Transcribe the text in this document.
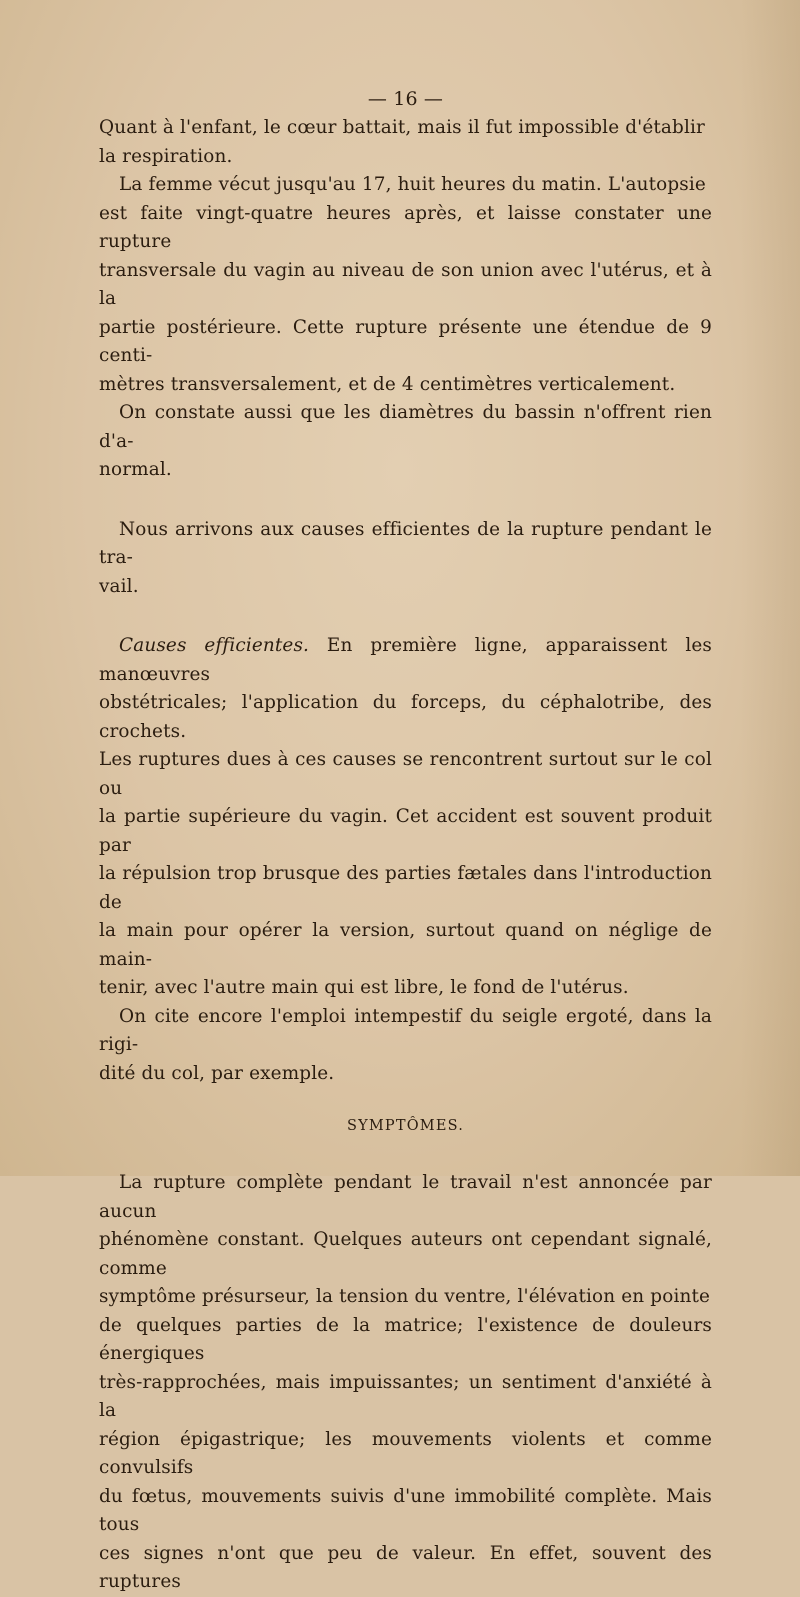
— 16 —

Quant à l'enfant, le cœur battait, mais il fut impossible d'établir
la respiration.

La femme vécut jusqu'au 17, huit heures du matin. L'autopsie
est faite vingt-quatre heures après, et laisse constater une rupture
transversale du vagin au niveau de son union avec l'utérus, et à la
partie postérieure. Cette rupture présente une étendue de 9 centi-
mètres transversalement, et de 4 centimètres verticalement.

On constate aussi que les diamètres du bassin n'offrent rien d'a-
normal.

Nous arrivons aux causes efficientes de la rupture pendant le tra-
vail.

Causes efficientes. En première ligne, apparaissent les manœuvres
obstétricales; l'application du forceps, du céphalotribe, des crochets.
Les ruptures dues à ces causes se rencontrent surtout sur le col ou
la partie supérieure du vagin. Cet accident est souvent produit par
la répulsion trop brusque des parties fætales dans l'introduction de
la main pour opérer la version, surtout quand on néglige de main-
tenir, avec l'autre main qui est libre, le fond de l'utérus.

On cite encore l'emploi intempestif du seigle ergoté, dans la rigi-
dité du col, par exemple.

SYMPTÔMES.

La rupture complète pendant le travail n'est annoncée par aucun
phénomène constant. Quelques auteurs ont cependant signalé, comme
symptôme présurseur, la tension du ventre, l'élévation en pointe
de quelques parties de la matrice; l'existence de douleurs énergiques
très-rapprochées, mais impuissantes; un sentiment d'anxiété à la
région épigastrique; les mouvements violents et comme convulsifs
du fœtus, mouvements suivis d'une immobilité complète. Mais tous
ces signes n'ont que peu de valeur. En effet, souvent des ruptures
